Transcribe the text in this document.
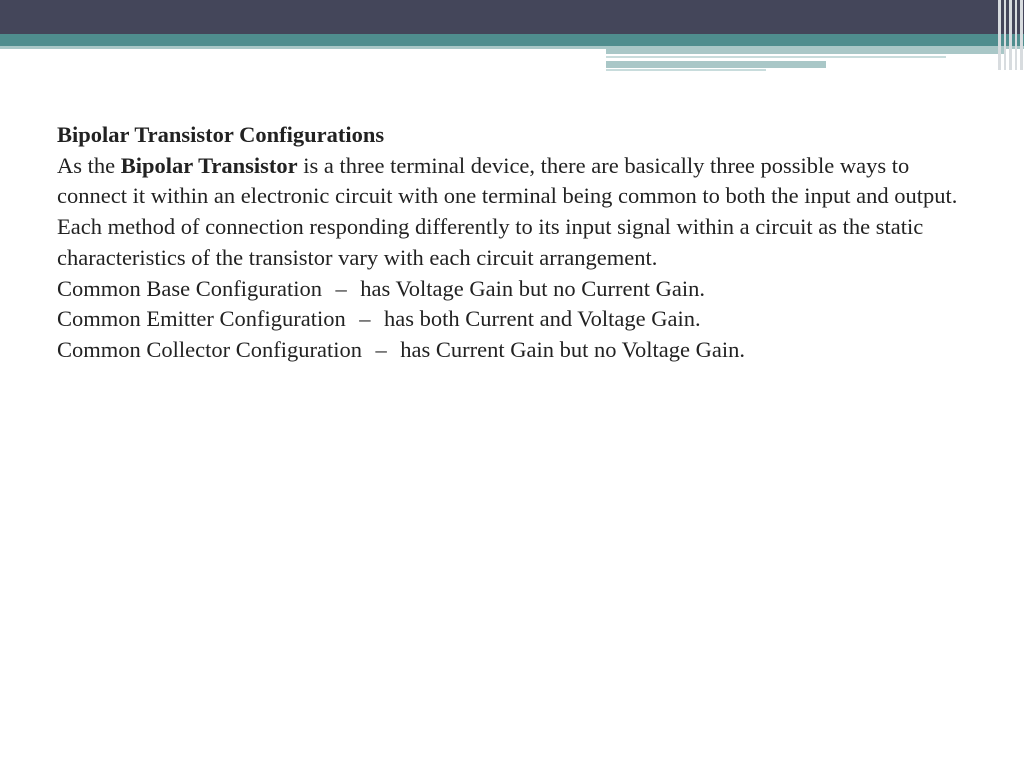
Bipolar Transistor Configurations

As the Bipolar Transistor is a three terminal device, there are basically three possible ways to connect it within an electronic circuit with one terminal being common to both the input and output. Each method of connection responding differently to its input signal within a circuit as the static characteristics of the transistor vary with each circuit arrangement.

Common Base Configuration – has Voltage Gain but no Current Gain.

Common Emitter Configuration – has both Current and Voltage Gain.

Common Collector Configuration – has Current Gain but no Voltage Gain.
